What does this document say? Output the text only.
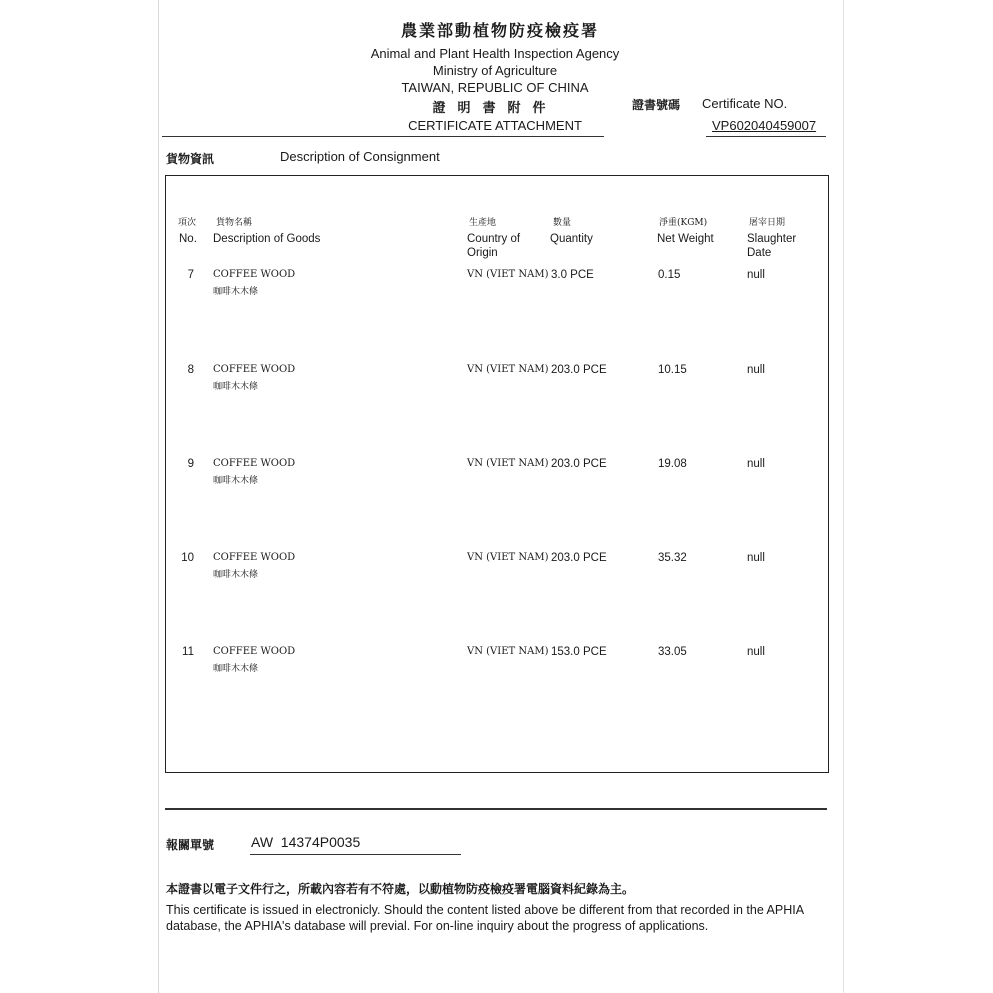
農業部動植物防疫檢疫署
Animal and Plant Health Inspection Agency
Ministry of Agriculture
TAIWAN, REPUBLIC OF CHINA
證明書附件
CERTIFICATE ATTACHMENT
證書號碼 Certificate NO.
VP602040459007
貨物資訊	Description of Consignment
項次 貨物名稱	生產地	數量	淨重(KGM)	屠宰日期
No. Description of Goods	Country of
Origin
Quantity	Net Weight	Slaughter
Date
7 COFFEE WOOD
咖啡木木條
VN (VIET NAM) 3.0 PCE	0.15	null
8 COFFEE WOOD
咖啡木木條
VN (VIET NAM) 203.0 PCE	10.15	null
9 COFFEE WOOD
咖啡木木條
VN (VIET NAM) 203.0 PCE	19.08	null
10 COFFEE WOOD
咖啡木木條
VN (VIET NAM) 203.0 PCE	35.32	null
11 COFFEE WOOD
咖啡木木條
VN (VIET NAM) 153.0 PCE	33.05	null
報關單號	AW  14374P0035
本證書以電子文件行之，所載內容若有不符處，以動植物防疫檢疫署電腦資料紀錄為主。
This certificate is issued in electronicly. Should the content listed above be different from that recorded in the APHIA database, the APHIA's database will previal. For on-line inquiry about the progress of applications.
